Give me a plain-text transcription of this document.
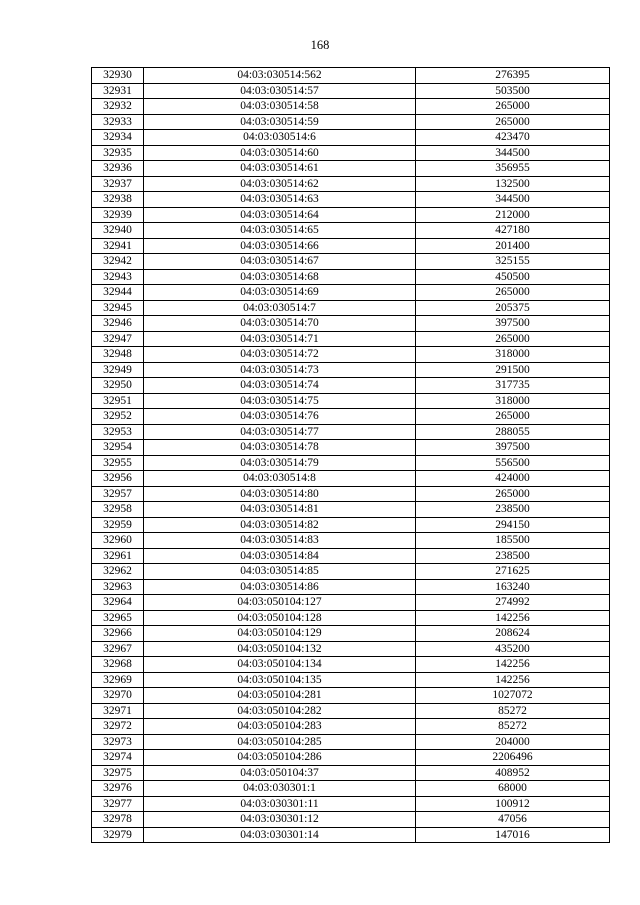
168
32930	04:03:030514:562	276395
32931	04:03:030514:57	503500
32932	04:03:030514:58	265000
32933	04:03:030514:59	265000
32934	04:03:030514:6	423470
32935	04:03:030514:60	344500
32936	04:03:030514:61	356955
32937	04:03:030514:62	132500
32938	04:03:030514:63	344500
32939	04:03:030514:64	212000
32940	04:03:030514:65	427180
32941	04:03:030514:66	201400
32942	04:03:030514:67	325155
32943	04:03:030514:68	450500
32944	04:03:030514:69	265000
32945	04:03:030514:7	205375
32946	04:03:030514:70	397500
32947	04:03:030514:71	265000
32948	04:03:030514:72	318000
32949	04:03:030514:73	291500
32950	04:03:030514:74	317735
32951	04:03:030514:75	318000
32952	04:03:030514:76	265000
32953	04:03:030514:77	288055
32954	04:03:030514:78	397500
32955	04:03:030514:79	556500
32956	04:03:030514:8	424000
32957	04:03:030514:80	265000
32958	04:03:030514:81	238500
32959	04:03:030514:82	294150
32960	04:03:030514:83	185500
32961	04:03:030514:84	238500
32962	04:03:030514:85	271625
32963	04:03:030514:86	163240
32964	04:03:050104:127	274992
32965	04:03:050104:128	142256
32966	04:03:050104:129	208624
32967	04:03:050104:132	435200
32968	04:03:050104:134	142256
32969	04:03:050104:135	142256
32970	04:03:050104:281	1027072
32971	04:03:050104:282	85272
32972	04:03:050104:283	85272
32973	04:03:050104:285	204000
32974	04:03:050104:286	2206496
32975	04:03:050104:37	408952
32976	04:03:030301:1	68000
32977	04:03:030301:11	100912
32978	04:03:030301:12	47056
32979	04:03:030301:14	147016
